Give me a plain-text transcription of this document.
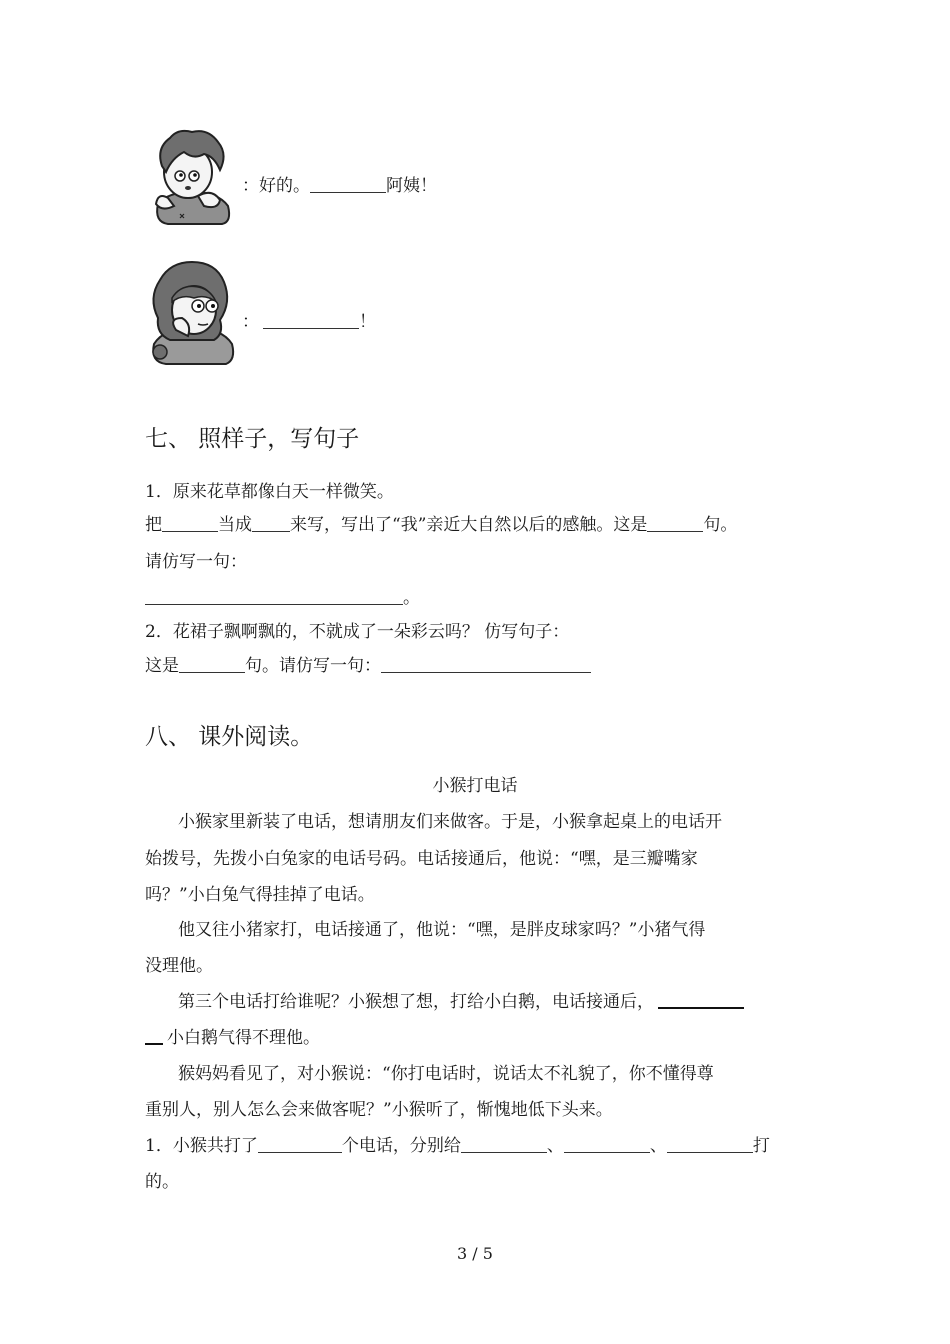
：好的。	阿姨！
：	！
七、 照样子，写句子
1．原来花草都像白天一样微笑。
把	当成 来写，写出了“我”亲近大自然以后的感触。这是	句。
请仿写一句：
。
2．花裙子飘啊飘的，不就成了一朵彩云吗？ 仿写句子：
这是	句。请仿写一句：
八、 课外阅读。
小猴打电话
小猴家里新装了电话，想请朋友们来做客。于是，小猴拿起桌上的电话开
始拨号，先拨小白兔家的电话号码。电话接通后，他说：“嘿，是三瓣嘴家
吗？”小白兔气得挂掉了电话。
他又往小猪家打，电话接通了，他说：“嘿，是胖皮球家吗？”小猪气得
没理他。
第三个电话打给谁呢？小猴想了想，打给小白鹅，电话接通后，
小白鹅气得不理他。
猴妈妈看见了，对小猴说：“你打电话时，说话太不礼貌了，你不懂得尊
重别人，别人怎么会来做客呢？”小猴听了，惭愧地低下头来。
1．小猴共打了	个电话，分别给	、	、	打
的。
3 / 5
